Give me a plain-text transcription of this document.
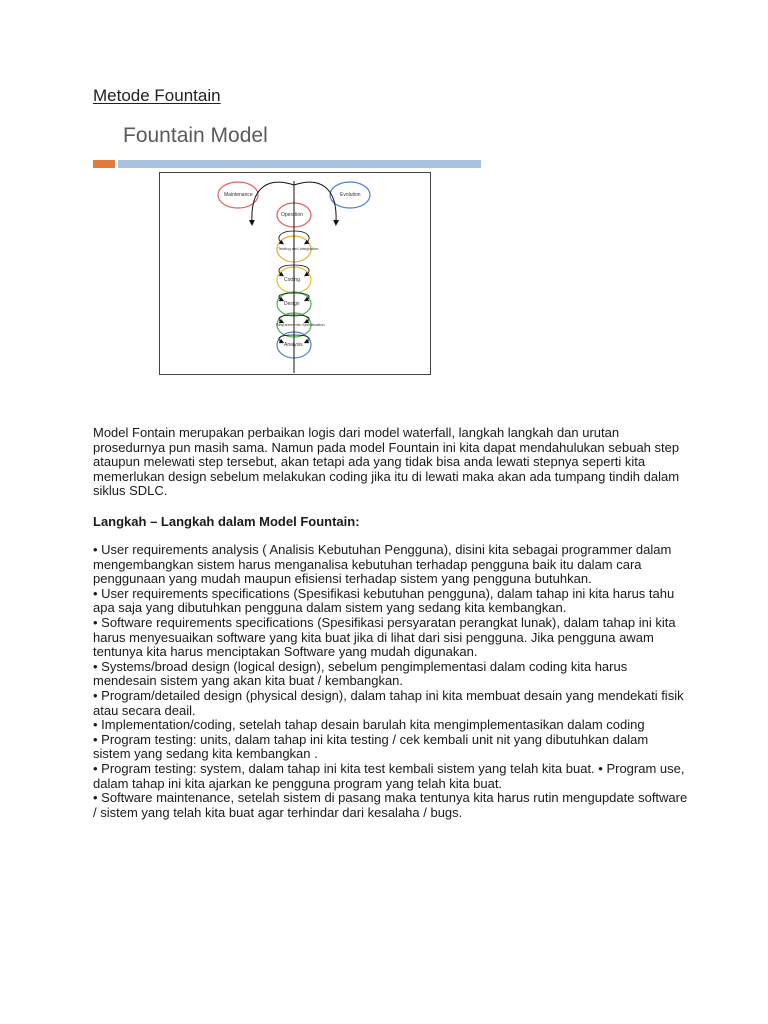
Metode Fountain
Fountain Model
Maintenance	Evolution
Operation
Testing and Integration
Coding
Design
Requirements Specification
Analysis
Model Fontain merupakan perbaikan logis dari model waterfall, langkah langkah dan urutan prosedurnya pun masih sama. Namun pada model Fountain ini kita dapat mendahulukan sebuah step ataupun melewati step tersebut, akan tetapi ada yang tidak bisa anda lewati stepnya seperti kita memerlukan design sebelum melakukan coding jika itu di lewati maka akan ada tumpang tindih dalam siklus SDLC.
Langkah – Langkah dalam Model Fountain:

• User requirements analysis ( Analisis Kebutuhan Pengguna), disini kita sebagai programmer dalam mengembangkan sistem harus menganalisa kebutuhan terhadap pengguna baik itu dalam cara penggunaan yang mudah maupun efisiensi terhadap sistem yang pengguna butuhkan.

• User requirements specifications (Spesifikasi kebutuhan pengguna), dalam tahap ini kita harus tahu apa saja yang dibutuhkan pengguna dalam sistem yang sedang kita kembangkan.

• Software requirements specifications (Spesifikasi persyaratan perangkat lunak), dalam tahap ini kita harus menyesuaikan software yang kita buat jika di lihat dari sisi pengguna. Jika pengguna awam tentunya kita harus menciptakan Software yang mudah digunakan.

• Systems/broad design (logical design), sebelum pengimplementasi dalam coding kita harus mendesain sistem yang akan kita buat / kembangkan.

• Program/detailed design (physical design), dalam tahap ini kita membuat desain yang mendekati fisik atau secara deail.

• Implementation/coding, setelah tahap desain barulah kita mengimplementasikan dalam coding

• Program testing: units, dalam tahap ini kita testing / cek kembali unit nit yang dibutuhkan dalam sistem yang sedang kita kembangkan .

• Program testing: system, dalam tahap ini kita test kembali sistem yang telah kita buat. • Program use, dalam tahap ini kita ajarkan ke pengguna program yang telah kita buat.

• Software maintenance, setelah sistem di pasang maka tentunya kita harus rutin mengupdate software / sistem yang telah kita buat agar terhindar dari kesalaha / bugs.
